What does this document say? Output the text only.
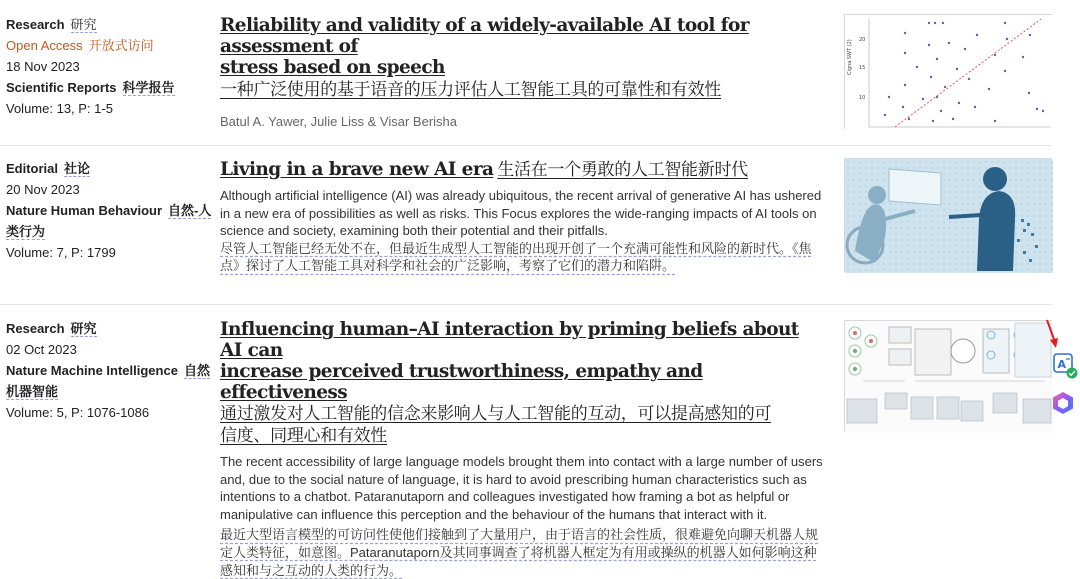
Research 研究
Open Access 开放式访问
18 Nov 2023
Scientific Reports 科学报告
Volume: 13, P: 1-5
Reliability and validity of a widely-available AI tool for assessment of
stress based on speech
一种广泛使用的基于语音的压力评估人工智能工具的可靠性和有效性
Batul A. Yawer, Julie Liss & Visar Berisha
Cigna SWT (2) 20
15
10
Editorial 社论
20 Nov 2023
Nature Human Behaviour 自然-人
类行为
Volume: 7, P: 1799
Living in a brave new AI era 生活在一个勇敢的人工智能新时代
Although artificial intelligence (AI) was already ubiquitous, the recent arrival of generative AI has ushered in a new era of possibilities as well as risks. This Focus explores the wide-ranging impacts of AI tools on science and society, examining both their potential and their pitfalls.
尽管人工智能已经无处不在，但最近生成型人工智能的出现开创了一个充满可能性和风险的新时代。《焦点》探讨了人工智能工具对科学和社会的广泛影响，考察了它们的潜力和陷阱。
Research 研究
02 Oct 2023
Nature Machine Intelligence 自然
机器智能
Volume: 5, P: 1076-1086
Influencing human–AI interaction by priming beliefs about AI can
increase perceived trustworthiness, empathy and effectiveness
通过激发对人工智能的信念来影响人与人工智能的互动，可以提高感知的可
信度、同理心和有效性
The recent accessibility of large language models brought them into contact with a large number of users and, due to the social nature of language, it is hard to avoid prescribing human characteristics such as intentions to a chatbot. Pataranutaporn and colleagues investigated how framing a bot as helpful or manipulative can influence this perception and the behaviour of the humans that interact with it.
最近大型语言模型的可访问性使他们接触到了大量用户，由于语言的社会性质，很难避免向聊天机器人规定人类特征，如意图。Pataranutaporn及其同事调查了将机器人框定为有用或操纵的机器人如何影响这种感知和与之互动的人类的行为。
A
